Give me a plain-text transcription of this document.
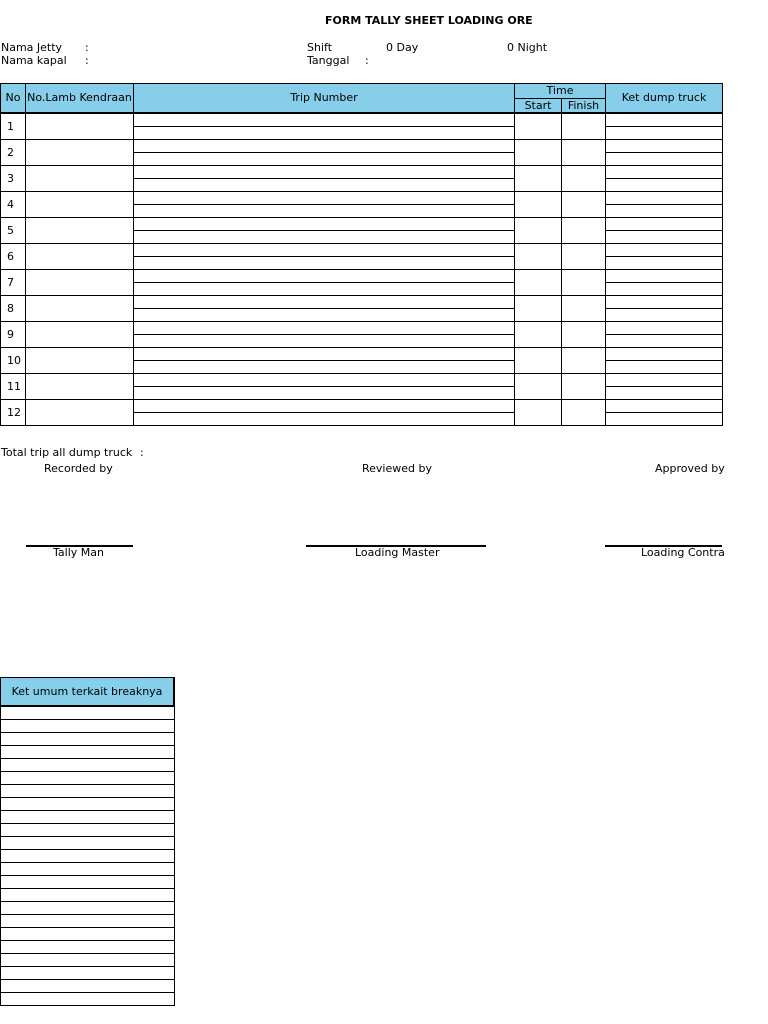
FORM TALLY SHEET LOADING ORE
Nama Jetty :
Nama kapal :
Shift	0 Day	0 Night
Tanggal :
No	No.Lamb Kendraan	Trip Number	Time		Ket dump truck
			Start	Finish	
1					

2					

3					

4					

5					

6					

7					

8					

9					

10					

11					

12					

Total trip all dump truck :
Recorded by	Reviewed by	Approved by
Tally Man	Loading Master	Loading Contra
Ket umum terkait breaknya
